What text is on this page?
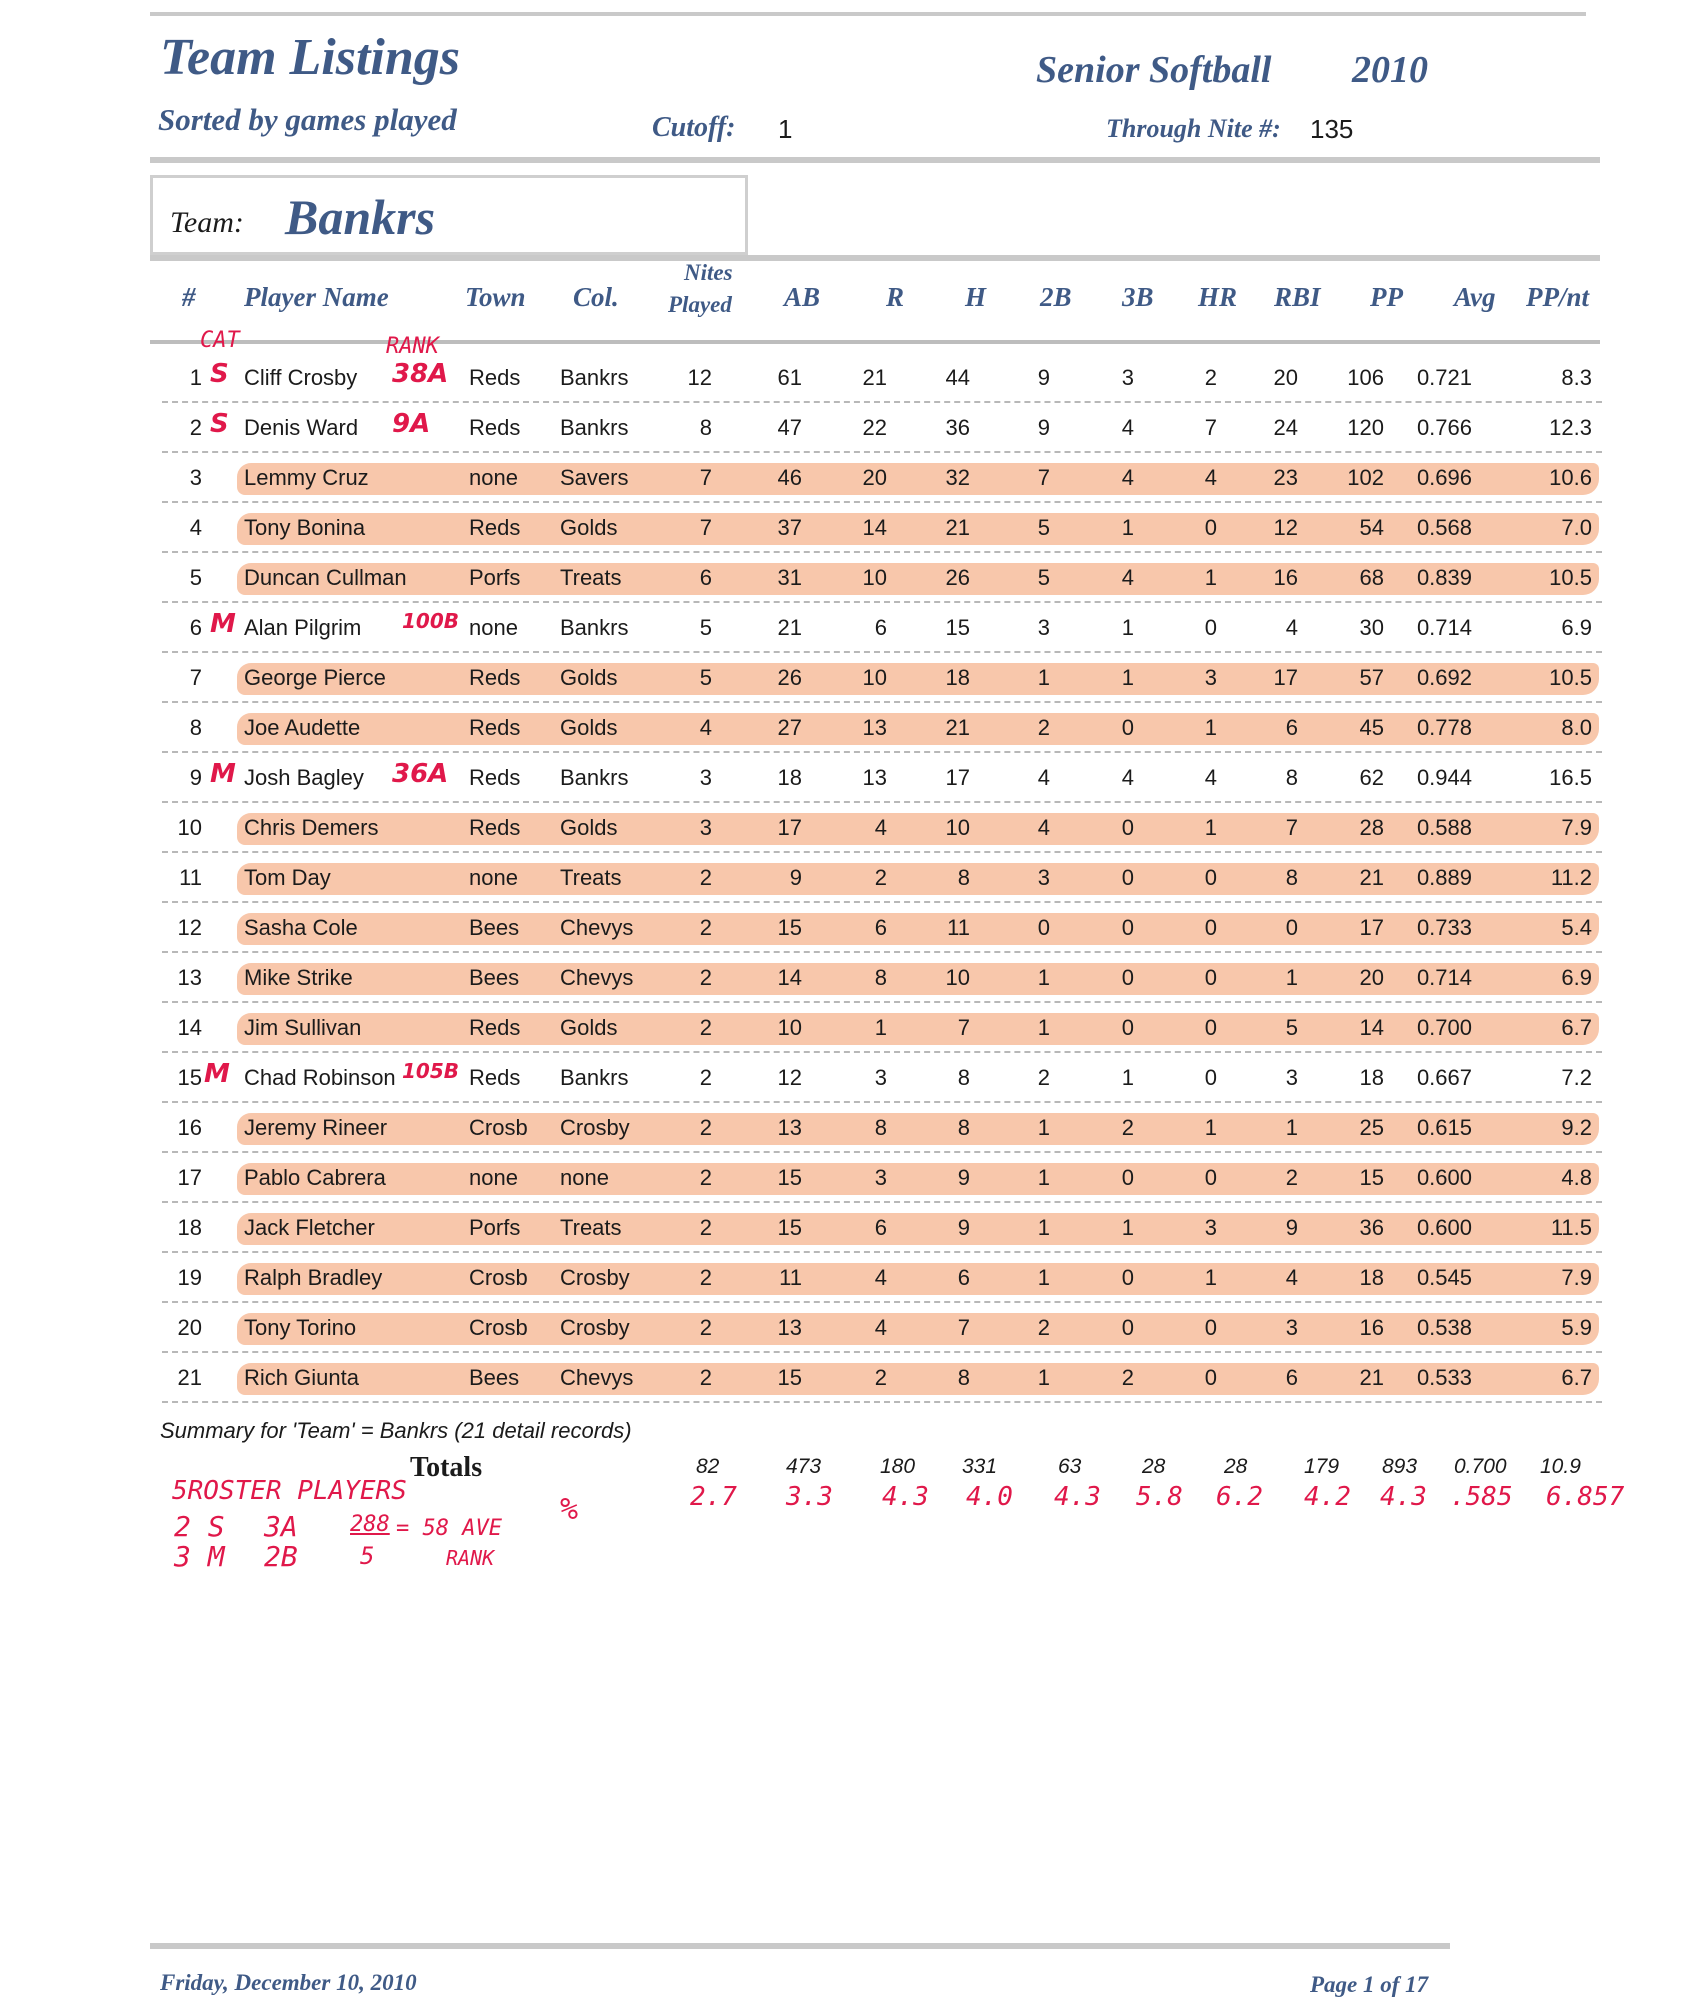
Team Listings
Sorted by games played
Senior Softball 2010
Cutoff: 1	Through Nite #: 135
Team: Bankrs
# Player Name	Town Col.
Nites
Played AB R H 2B 3B HR RBI PP Avg PP/nt
CAT	RANK
1 Cliff Crosby	Reds	Bankrs	12	61	21	44	9	3	2	20	106	0.721	8.3
S	38A
2 Denis Ward	Reds	Bankrs	8	47	22	36	9	4	7	24	120	0.766	12.3
S	9A
3 Lemmy Cruz	none	Savers	7	46	20	32	7	4	4	23	102	0.696	10.6
4 Tony Bonina	Reds	Golds	7	37	14	21	5	1	0	12	54	0.568	7.0
5 Duncan Cullman	Porfs	Treats	6	31	10	26	5	4	1	16	68	0.839	10.5
6 Alan Pilgrim	none	Bankrs	5	21	6	15	3	1	0	4	30	0.714	6.9
M	100B
7 George Pierce	Reds	Golds	5	26	10	18	1	1	3	17	57	0.692	10.5
8 Joe Audette	Reds	Golds	4	27	13	21	2	0	1	6	45	0.778	8.0
9 Josh Bagley	Reds	Bankrs	3	18	13	17	4	4	4	8	62	0.944	16.5
M	36A
10 Chris Demers	Reds	Golds	3	17	4	10	4	0	1	7	28	0.588	7.9
11 Tom Day	none	Treats	2	9	2	8	3	0	0	8	21	0.889	11.2
12 Sasha Cole	Bees	Chevys	2	15	6	11	0	0	0	0	17	0.733	5.4
13 Mike Strike	Bees	Chevys	2	14	8	10	1	0	0	1	20	0.714	6.9
14 Jim Sullivan	Reds	Golds	2	10	1	7	1	0	0	5	14	0.700	6.7
15 Chad Robinson	Reds	Bankrs	2	12	3	8	2	1	0	3	18	0.667	7.2
M	105B
16 Jeremy Rineer	Crosb	Crosby	2	13	8	8	1	2	1	1	25	0.615	9.2
17 Pablo Cabrera	none	none	2	15	3	9	1	0	0	2	15	0.600	4.8
18 Jack Fletcher	Porfs	Treats	2	15	6	9	1	1	3	9	36	0.600	11.5
19 Ralph Bradley	Crosb	Crosby	2	11	4	6	1	0	1	4	18	0.545	7.9
20 Tony Torino	Crosb	Crosby	2	13	4	7	2	0	0	3	16	0.538	5.9
21 Rich Giunta	Bees	Chevys	2	15	2	8	1	2	0	6	21	0.533	6.7
Summary for 'Team' = Bankrs (21 detail records)
Totals	82	473	180 331	63	28	28	179 893 0.700 10.9
5ROSTER PLAYERS
2 S 3A 288 = 58 AVE
3 M 2B	5	RANK
%	2.7 3.3 4.3 4.0 4.3 5.8 6.2 4.2 4.3 .585 6.857
Friday, December 10, 2010	Page 1 of 17
